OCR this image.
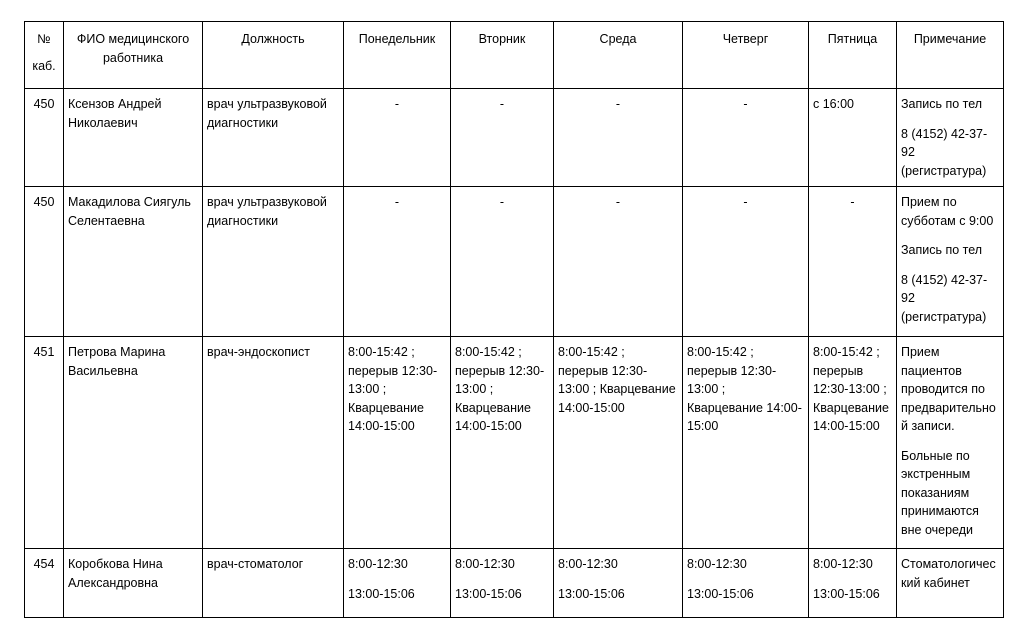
№
каб.	ФИО медицинского работника	Должность	Понедельник	Вторник	Среда	Четверг	Пятница	Примечание
450	Ксензов Андрей Николаевич	врач ультразвуковой диагностики	-	-	-	-	с 16:00	Запись по тел
8 (4152) 42-37-92 (регистратура)

450	Макадилова Сиягуль Селентаевна	врач ультразвуковой диагностики	-	-	-	-	-	Прием по субботам с 9:00
Запись по тел
8 (4152) 42-37-92 (регистратура)

451	Петрова Марина Васильевна	врач-эндоскопист	8:00-15:42 ; перерыв 12:30-13:00 ; Кварцевание 14:00-15:00	8:00-15:42 ; перерыв 12:30-13:00 ; Кварцевание 14:00-15:00	8:00-15:42 ; перерыв 12:30-13:00 ; Кварцевание 14:00-15:00	8:00-15:42 ; перерыв 12:30-13:00 ; Кварцевание 14:00-15:00	8:00-15:42 ; перерыв 12:30-13:00 ; Кварцевание 14:00-15:00	Прием пациентов проводится по предварительной записи.
Больные по экстренным показаниям принимаются вне очереди

454	Коробкова Нина Александровна	врач-стоматолог	8:00-12:30
13:00-15:06	8:00-12:30
13:00-15:06	8:00-12:30
13:00-15:06	8:00-12:30
13:00-15:06	8:00-12:30
13:00-15:06	Стоматологический кабинет
